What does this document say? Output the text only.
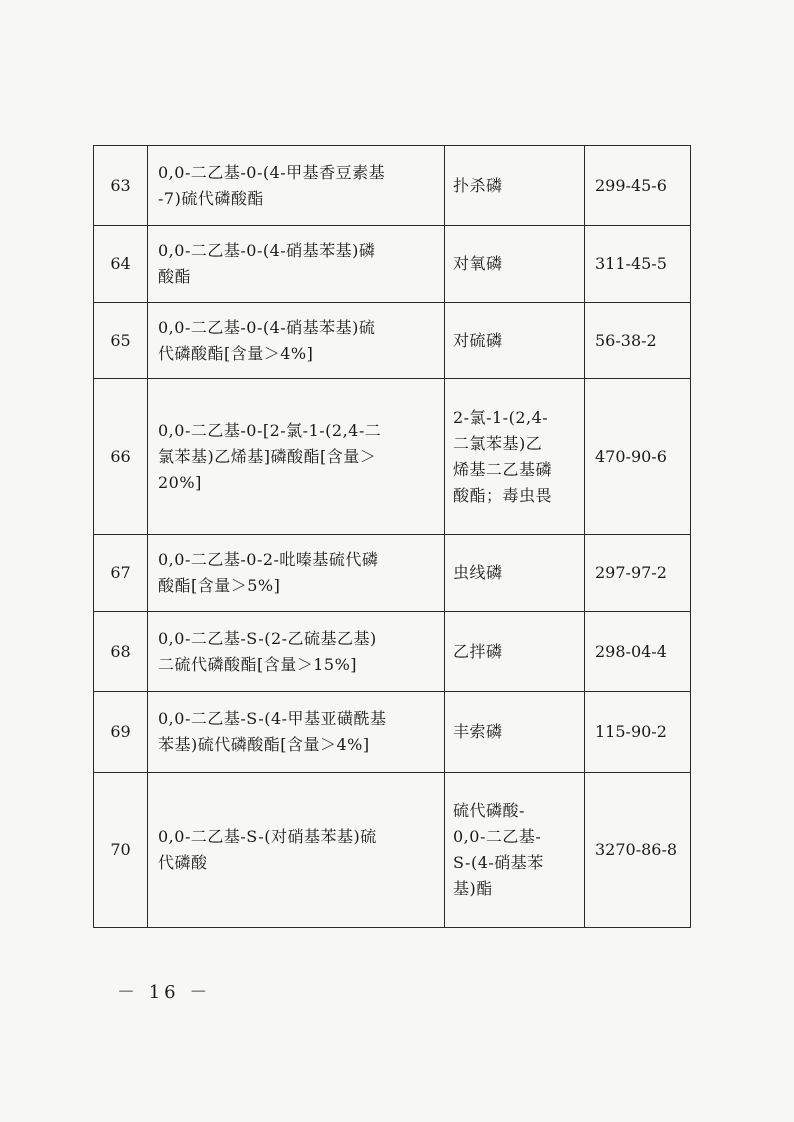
63	0,0-二乙基-0-(4-甲基香豆素基
-7)硫代磷酸酯	扑杀磷	299-45-6
64	0,0-二乙基-0-(4-硝基苯基)磷
酸酯	对氧磷	311-45-5
65	0,0-二乙基-0-(4-硝基苯基)硫
代磷酸酯[含量＞4%]	对硫磷	56-38-2
66	0,0-二乙基-0-[2-氯-1-(2,4-二
氯苯基)乙烯基]磷酸酯[含量＞
20%]	2-氯-1-(2,4-
二氯苯基)乙
烯基二乙基磷
酸酯；毒虫畏	470-90-6
67	0,0-二乙基-0-2-吡嗪基硫代磷
酸酯[含量＞5%]	虫线磷	297-97-2
68	0,0-二乙基-S-(2-乙硫基乙基)
二硫代磷酸酯[含量＞15%]	乙拌磷	298-04-4
69	0,0-二乙基-S-(4-甲基亚磺酰基
苯基)硫代磷酸酯[含量＞4%]	丰索磷	115-90-2
70	0,0-二乙基-S-(对硝基苯基)硫
代磷酸	硫代磷酸-
0,0-二乙基-
S-(4-硝基苯
基)酯	3270-86-8
－ 16 －
